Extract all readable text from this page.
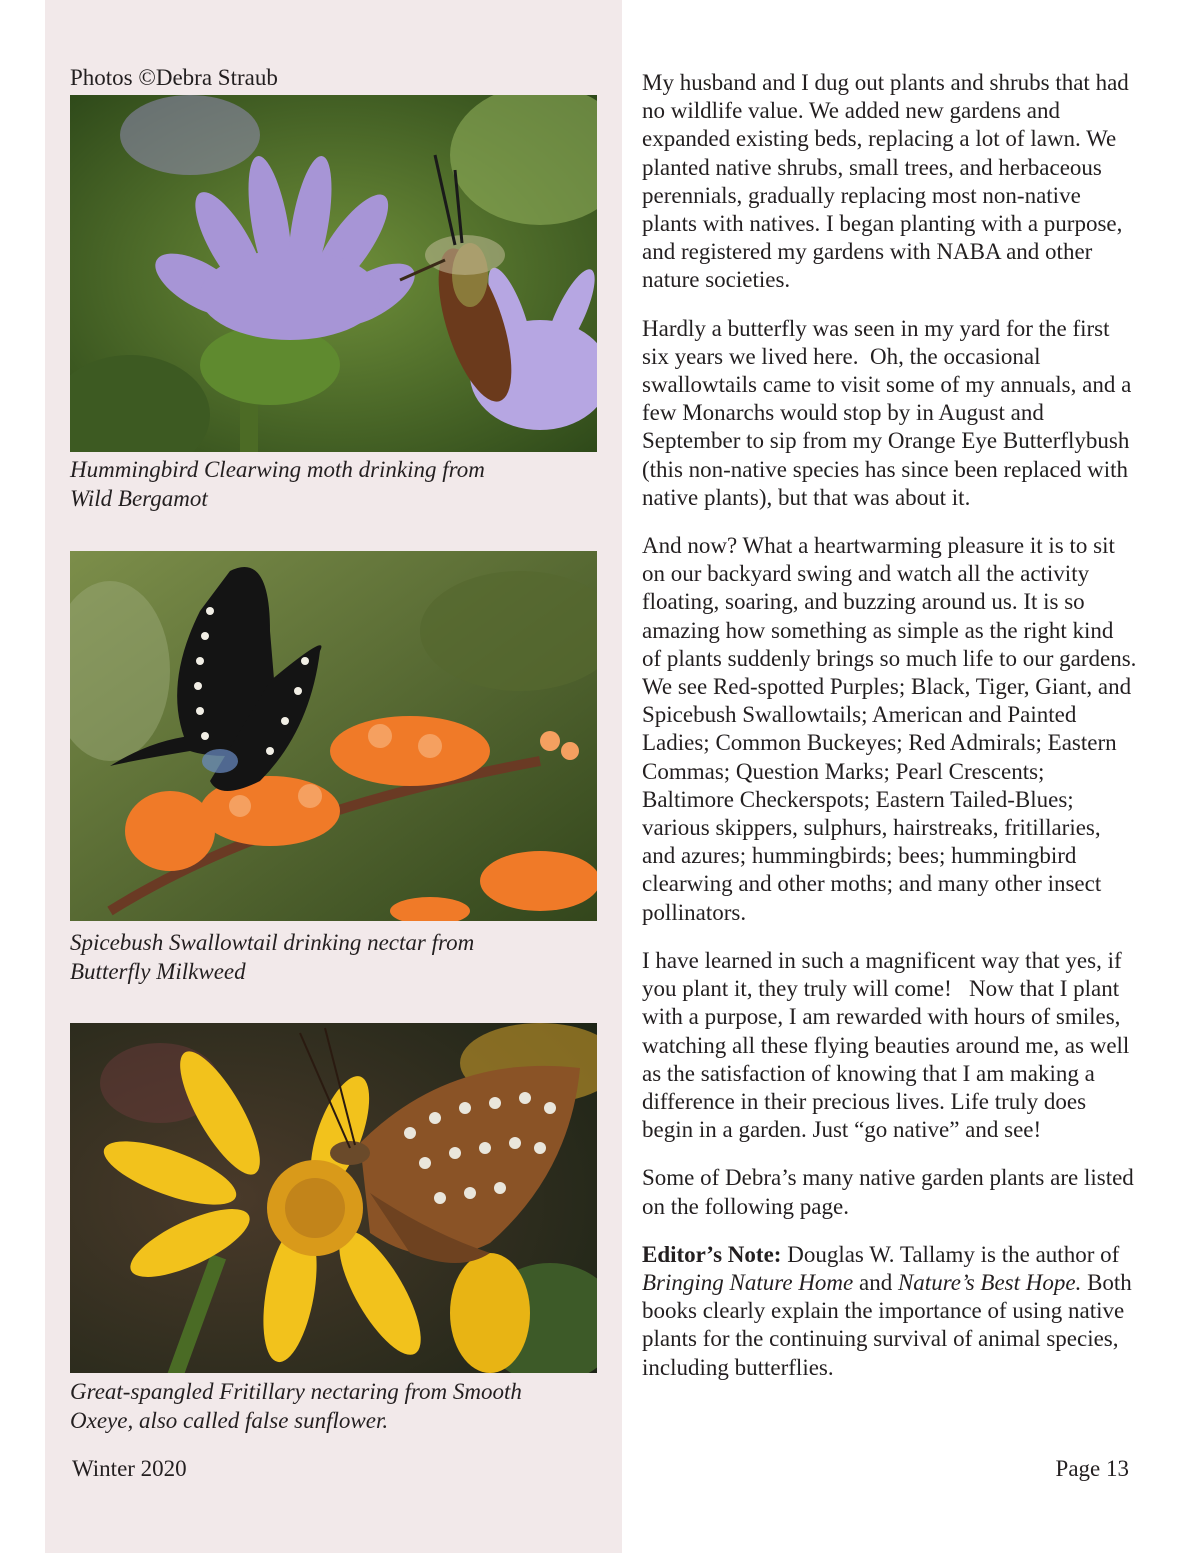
Photos ©Debra Straub

Hummingbird Clearwing moth drinking from
Wild Bergamot

Spicebush Swallowtail drinking nectar from
Butterfly Milkweed

Great-spangled Fritillary nectaring from Smooth
Oxeye, also called false sunflower.

My husband and I dug out plants and shrubs that had no wildlife value. We added new gardens and expanded existing beds, replacing a lot of lawn. We planted native shrubs, small trees, and herbaceous perennials, gradually replacing most non-native plants with natives. I began planting with a purpose, and registered my gardens with NABA and other nature societies.

Hardly a butterfly was seen in my yard for the first six years we lived here.  Oh, the occasional swallowtails came to visit some of my annuals, and a few Monarchs would stop by in August and September to sip from my Orange Eye Butterflybush (this non-native species has since been replaced with native plants), but that was about it.

And now? What a heartwarming pleasure it is to sit on our backyard swing and watch all the activity floating, soaring, and buzzing around us. It is so amazing how something as simple as the right kind of plants suddenly brings so much life to our gardens. We see Red-spotted Purples; Black, Tiger, Giant, and Spicebush Swallowtails; American and Painted Ladies; Common Buckeyes; Red Admirals; Eastern Commas; Question Marks; Pearl Crescents; Baltimore Checkerspots; Eastern Tailed-Blues; various skippers, sulphurs, hairstreaks, fritillaries, and azures; hummingbirds; bees; hummingbird clearwing and other moths; and many other insect pollinators.

I have learned in such a magnificent way that yes, if you plant it, they truly will come!   Now that I plant with a purpose, I am rewarded with hours of smiles, watching all these flying beauties around me, as well as the satisfaction of knowing that I am making a difference in their precious lives. Life truly does begin in a garden. Just “go native” and see!

Some of Debra’s many native garden plants are listed on the following page.

Editor’s Note: Douglas W. Tallamy is the author of Bringing Nature Home and Nature’s Best Hope. Both books clearly explain the importance of using native plants for the continuing survival of animal species, including butterflies.

Winter 2020	Page 13
